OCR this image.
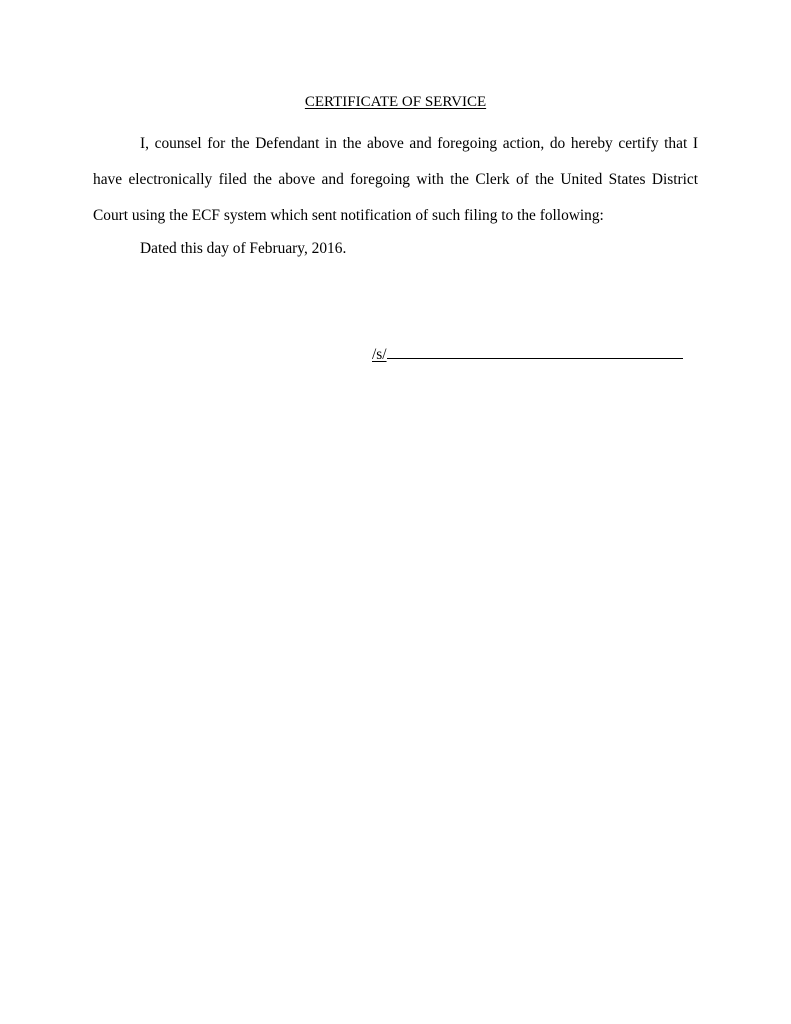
CERTIFICATE OF SERVICE

I, counsel for the Defendant in the above and foregoing action, do hereby certify that I have electronically filed the above and foregoing with the Clerk of the United States District Court using the ECF system which sent notification of such filing to the following:

Dated this day of February, 2016.
/s/
